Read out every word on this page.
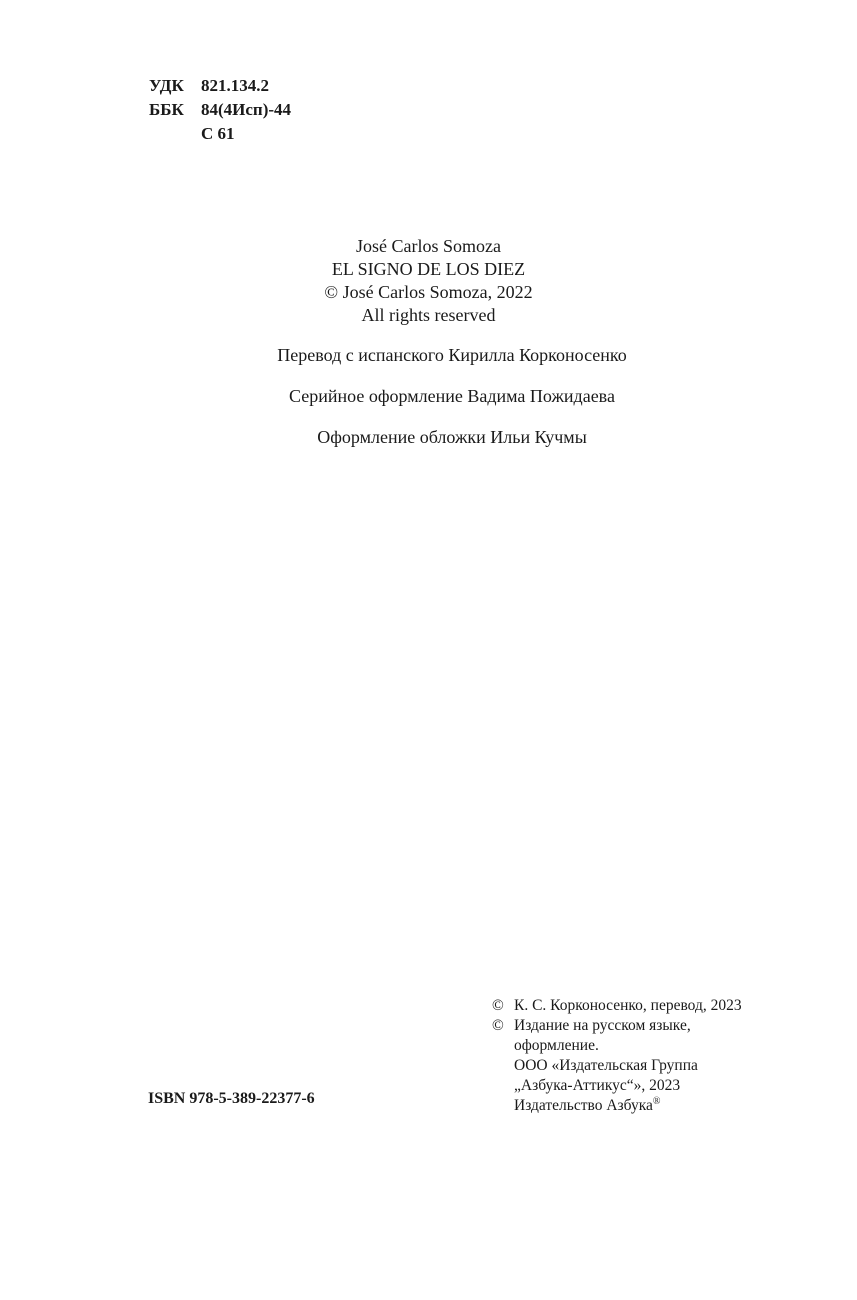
УДК	821.134.2
ББК	84(4Исп)-44
С 61
José Carlos Somoza
EL SIGNO DE LOS DIEZ
© José Carlos Somoza, 2022
All rights reserved
Перевод с испанского Кирилла Корконосенко
Серийное оформление Вадима Пожидаева
Оформление обложки Ильи Кучмы
ISBN 978-5-389-22377-6
© К. С. Корконосенко, перевод, 2023
© Издание на русском языке,
оформление.
ООО «Издательская Группа
„Азбука-Аттикус“», 2023
Издательство Азбука®
